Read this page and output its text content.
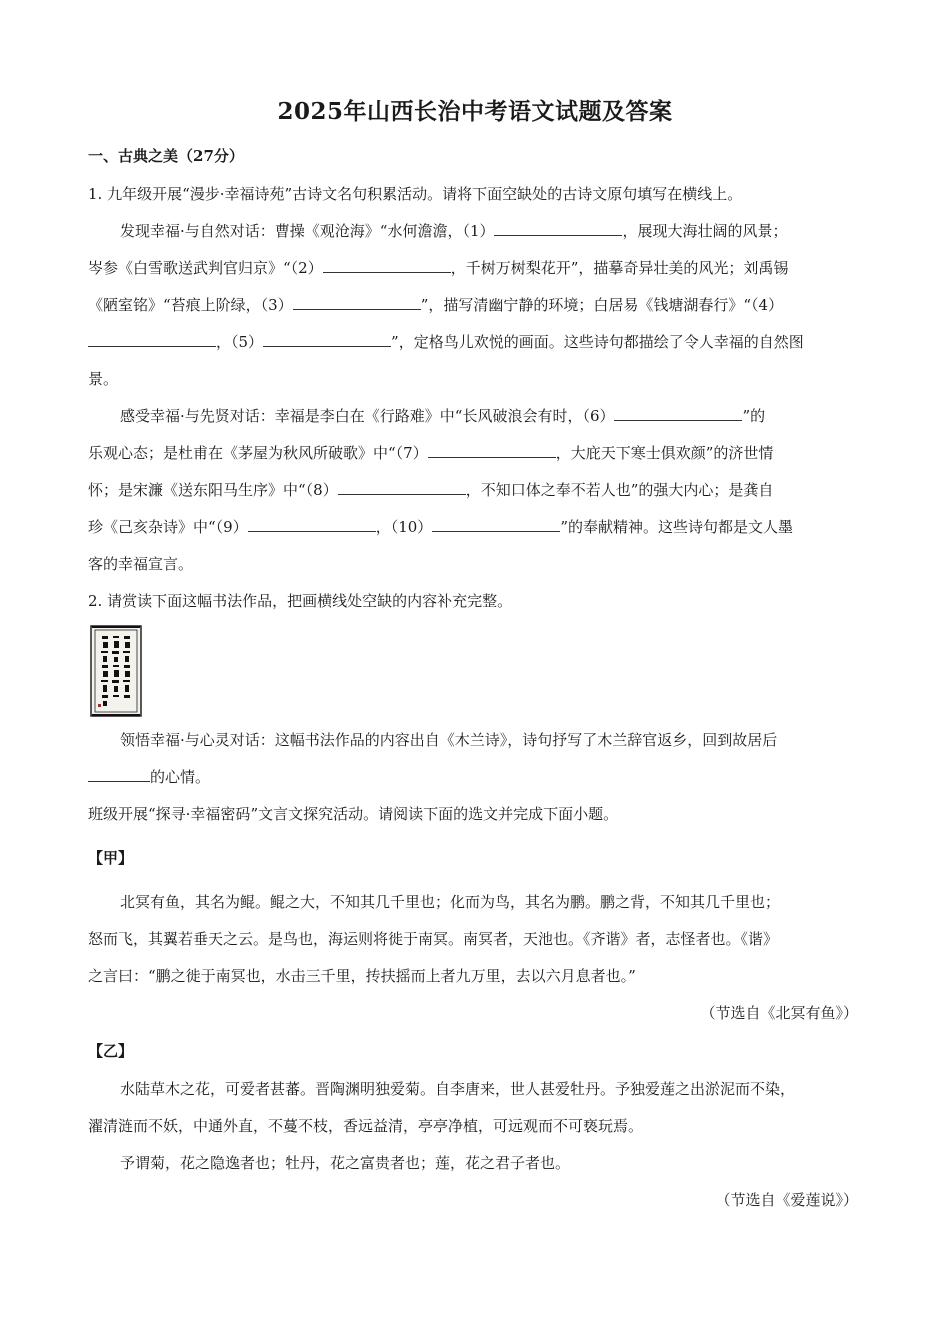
2025年山西长治中考语文试题及答案
一、古典之美（27分）
1. 九年级开展“漫步·幸福诗苑”古诗文名句积累活动。请将下面空缺处的古诗文原句填写在横线上。
发现幸福·与自然对话：曹操《观沧海》“水何澹澹，（1）	，展现大海壮阔的风景；
岑参《白雪歌送武判官归京》“（2）	，千树万树梨花开”，描摹奇异壮美的风光；刘禹锡
《陋室铭》“苔痕上阶绿，（3）	”，描写清幽宁静的环境；白居易《钱塘湖春行》“（4）
，（5）	”，定格鸟儿欢悦的画面。这些诗句都描绘了令人幸福的自然图
景。
感受幸福·与先贤对话：幸福是李白在《行路难》中“长风破浪会有时，（6）	”的
乐观心态；是杜甫在《茅屋为秋风所破歌》中“（7）	，大庇天下寒士俱欢颜”的济世情
怀；是宋濂《送东阳马生序》中“（8）	，不知口体之奉不若人也”的强大内心；是龚自
珍《己亥杂诗》中“（9）	，（10）	”的奉献精神。这些诗句都是文人墨
客的幸福宣言。
2. 请赏读下面这幅书法作品，把画横线处空缺的内容补充完整。
领悟幸福·与心灵对话：这幅书法作品的内容出自《木兰诗》，诗句抒写了木兰辞官返乡，回到故居后
的心情。
班级开展“探寻·幸福密码”文言文探究活动。请阅读下面的选文并完成下面小题。
【甲】
北冥有鱼，其名为鲲。鲲之大，不知其几千里也；化而为鸟，其名为鹏。鹏之背，不知其几千里也；
怒而飞，其翼若垂天之云。是鸟也，海运则将徙于南冥。南冥者，天池也。《齐谐》者，志怪者也。《谐》
之言曰：“鹏之徙于南冥也，水击三千里，抟扶摇而上者九万里，去以六月息者也。”
（节选自《北冥有鱼》）
【乙】
水陆草木之花，可爱者甚蕃。晋陶渊明独爱菊。自李唐来，世人甚爱牡丹。予独爱莲之出淤泥而不染，
濯清涟而不妖，中通外直，不蔓不枝，香远益清，亭亭净植，可远观而不可亵玩焉。
予谓菊，花之隐逸者也；牡丹，花之富贵者也；莲，花之君子者也。
（节选自《爱莲说》）
